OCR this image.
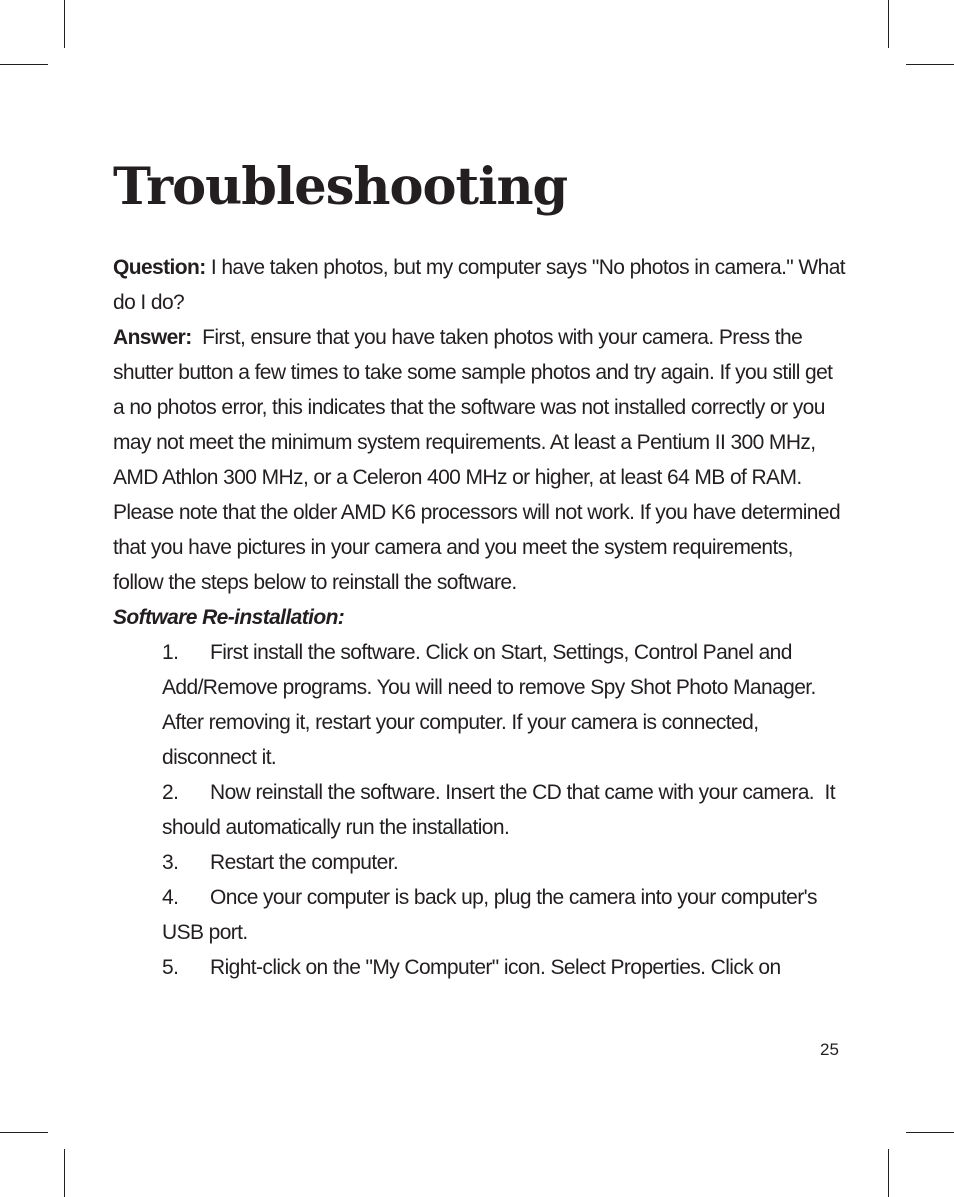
Troubleshooting

Question: I have taken photos, but my computer says "No photos in camera." What do I do?

Answer:  First, ensure that you have taken photos with your camera. Press the shutter button a few times to take some sample photos and try again. If you still get a no photos error, this indicates that the software was not installed correctly or you may not meet the minimum system requirements. At least a Pentium II 300 MHz, AMD Athlon 300 MHz, or a Celeron 400 MHz or higher, at least 64 MB of RAM. Please note that the older AMD K6 processors will not work. If you have determined that you have pictures in your camera and you meet the system requirements, follow the steps below to reinstall the software.

Software Re-installation:

1. First install the software. Click on Start, Settings, Control Panel and Add/Remove programs. You will need to remove Spy Shot Photo Manager. After removing it, restart your computer. If your camera is connected, disconnect it.

2. Now reinstall the software. Insert the CD that came with your camera.  It should automatically run the installation.

3. Restart the computer.

4. Once your computer is back up, plug the camera into your computer's USB port.

5. Right-click on the "My Computer" icon. Select Properties. Click on

25
